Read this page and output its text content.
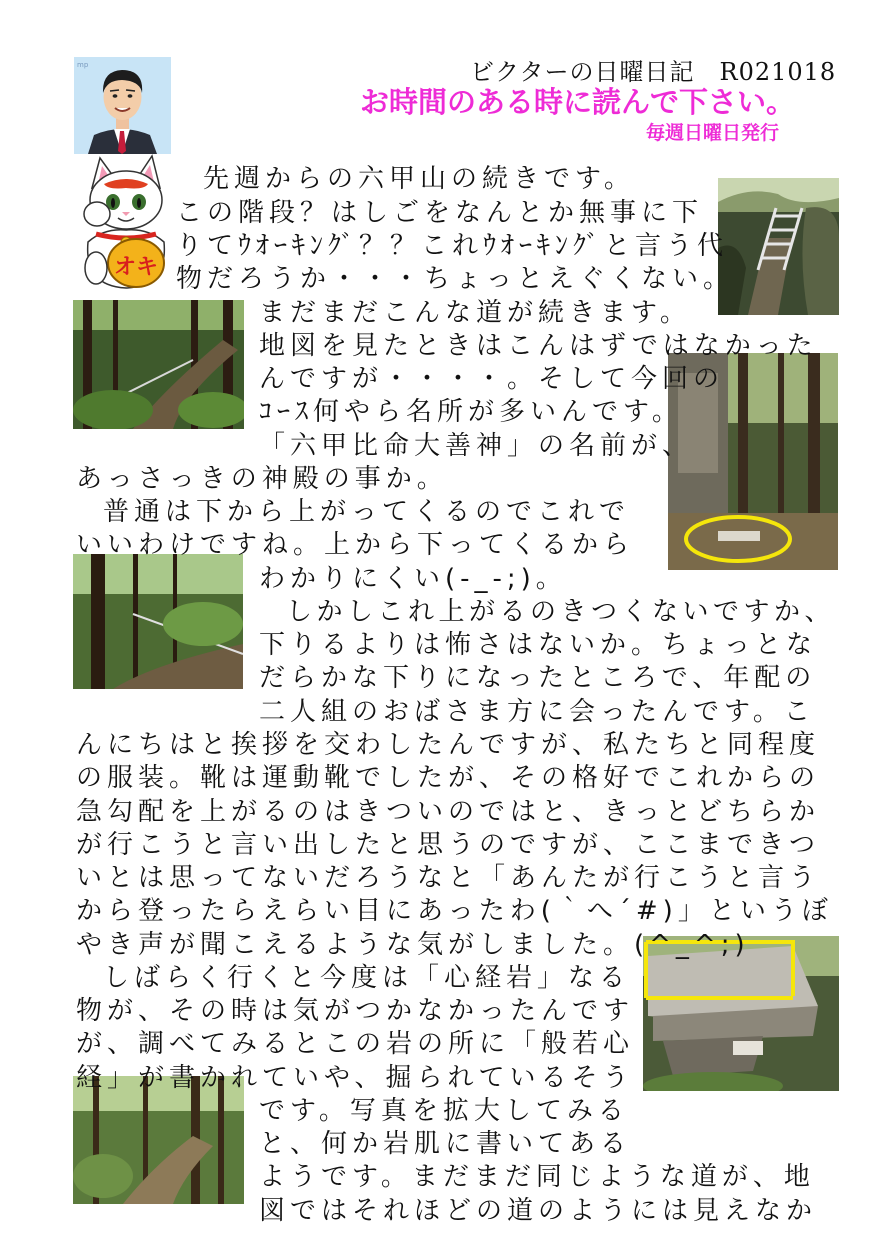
ビクターの日曜日記　R021018
お時間のある時に読んで下さい。
毎週日曜日発行
mp
オキ
先週からの六甲山の続きです。
この階段？はしごをなんとか無事に下
りてｳｵｰｷﾝｸﾞ？？これｳｵｰｷﾝｸﾞと言う代
物だろうか・・・ちょっとえぐくない。
まだまだこんな道が続きます。
地図を見たときはこんはずではなかった
んですが・・・・。そして今回の
ｺｰｽ何やら名所が多いんです。
「六甲比命大善神」の名前が、
あっさっきの神殿の事か。
普通は下から上がってくるのでこれで
いいわけですね。上から下ってくるから
わかりにくい(-_-;)。
しかしこれ上がるのきつくないですか、
下りるよりは怖さはないか。ちょっとな
だらかな下りになったところで、年配の
二人組のおばさま方に会ったんです。こ
んにちはと挨拶を交わしたんですが、私たちと同程度
の服装。靴は運動靴でしたが、その格好でこれからの
急勾配を上がるのはきついのではと、きっとどちらか
が行こうと言い出したと思うのですが、ここまできつ
いとは思ってないだろうなと「あんたが行こうと言う
から登ったらえらい目にあったわ(｀へ´#)」というぼ
やき声が聞こえるような気がしました。(^_^;)
しばらく行くと今度は「心経岩」なる
物が、その時は気がつかなかったんです
が、調べてみるとこの岩の所に「般若心
経」が書かれていや、掘られているそう
です。写真を拡大してみる
と、何か岩肌に書いてある
ようです。まだまだ同じような道が、地
図ではそれほどの道のようには見えなか
